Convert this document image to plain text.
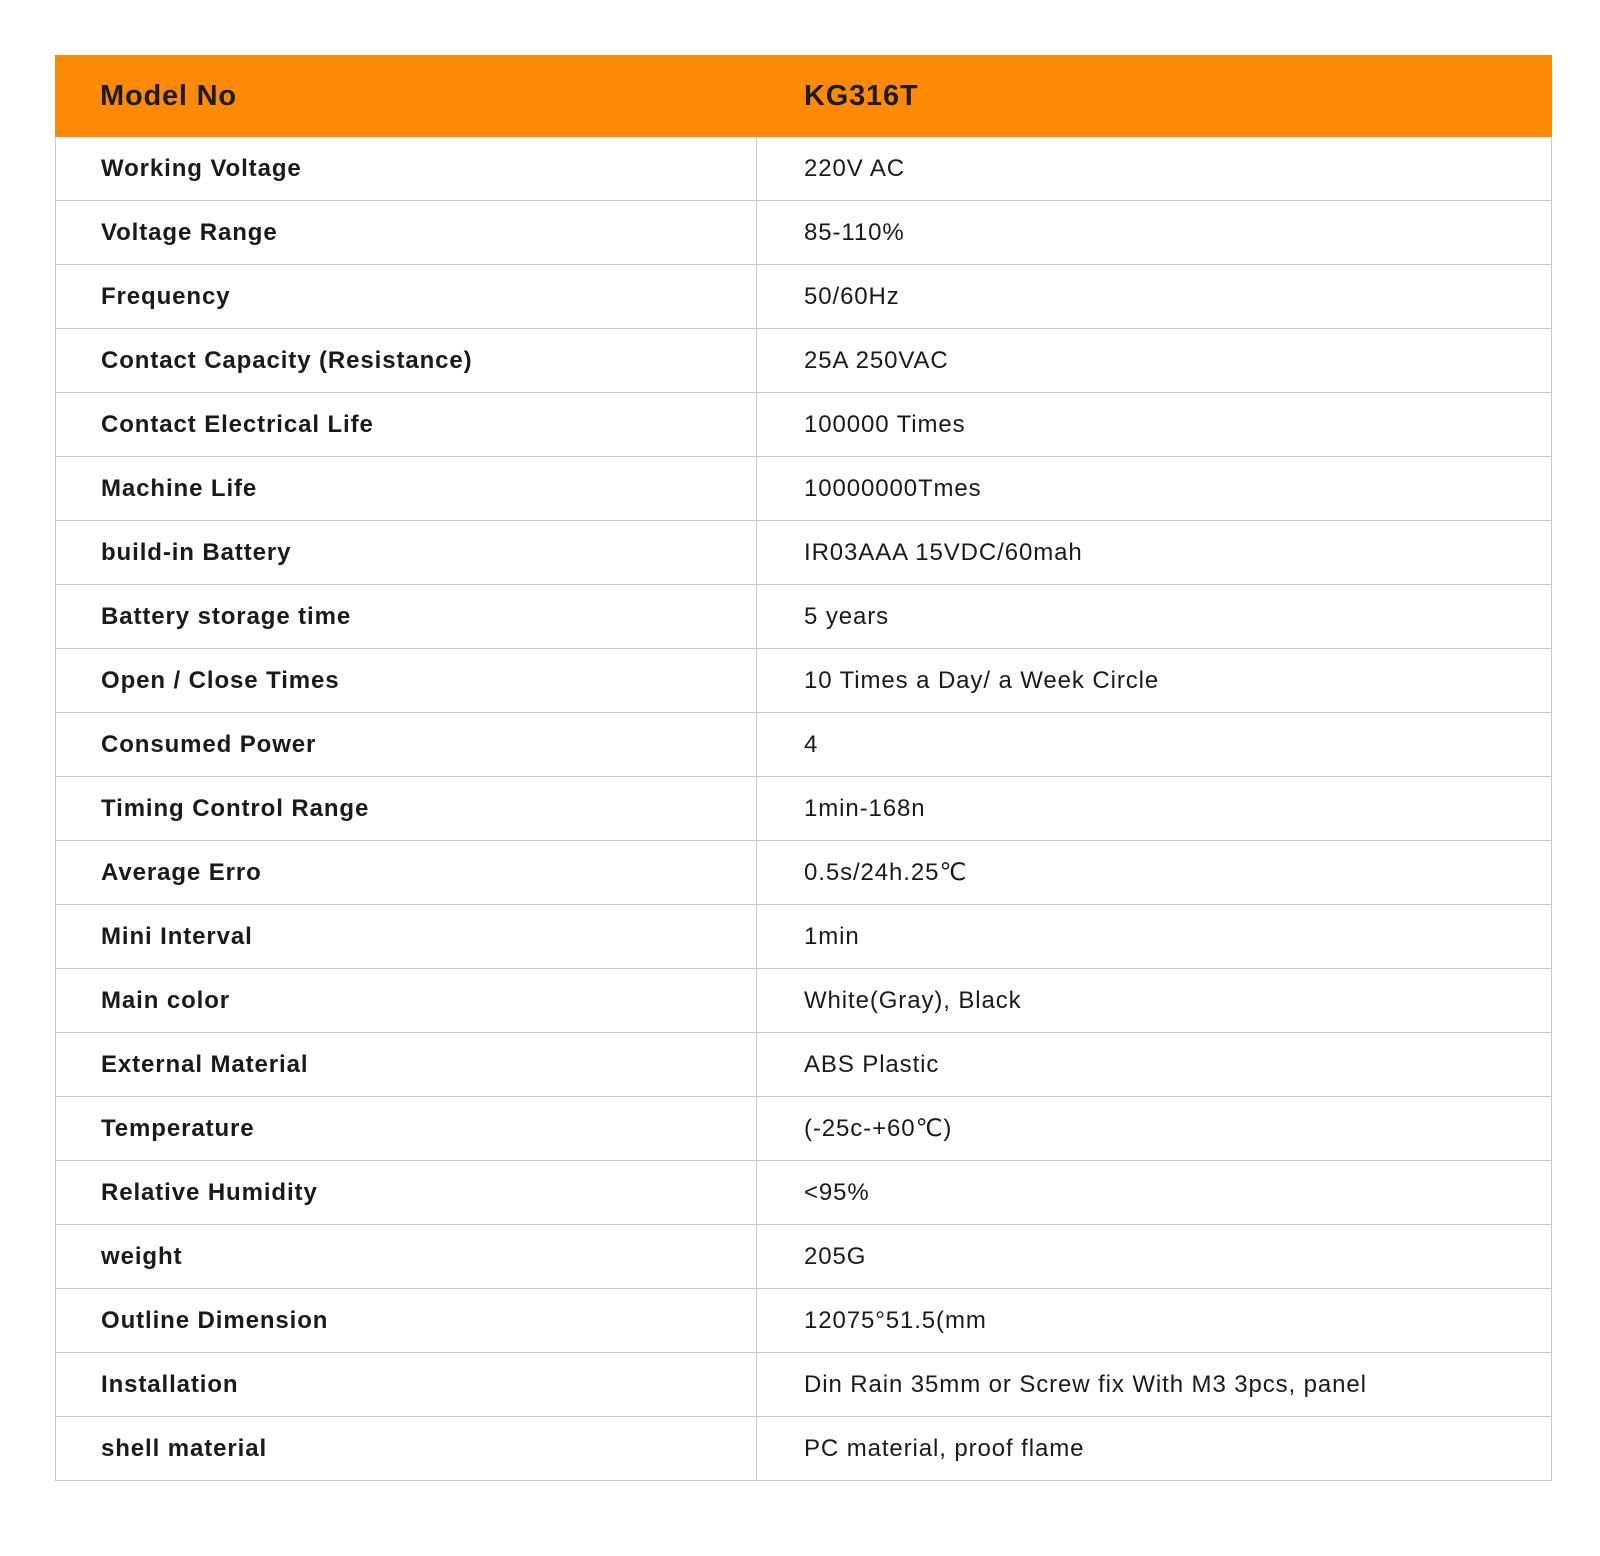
Model No	KG316T
Working Voltage	220V AC
Voltage Range	85-110%
Frequency	50/60Hz
Contact Capacity (Resistance)	25A 250VAC
Contact Electrical Life	100000 Times
Machine Life	10000000Tmes
build-in Battery	IR03AAA 15VDC/60mah
Battery storage time	5 years
Open / Close Times	10 Times a Day/ a Week Circle
Consumed Power	4
Timing Control Range	1min-168n
Average Erro	0.5s/24h.25℃
Mini Interval	1min
Main color	White(Gray), Black
External Material	ABS Plastic
Temperature	(-25c-+60℃)
Relative Humidity	<95%
weight	205G
Outline Dimension	12075°51.5(mm
Installation	Din Rain 35mm or Screw fix With M3 3pcs, panel
shell material	PC material, proof flame
